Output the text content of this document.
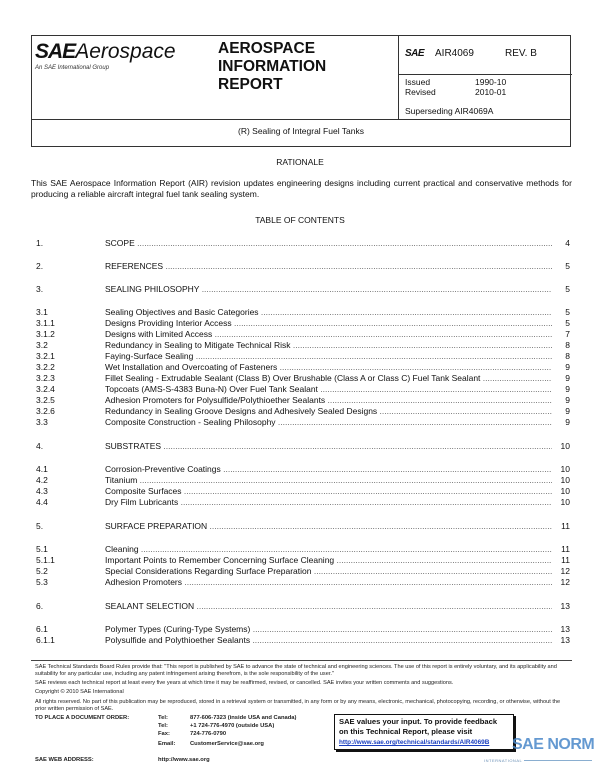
SAEAerospace
An SAE International Group
AEROSPACE
INFORMATION
REPORT
SAE AIR4069	REV. B
Issued	1990-10
Revised	2010-01
Superseding AIR4069A
(R) Sealing of Integral Fuel Tanks
RATIONALE
This SAE Aerospace Information Report (AIR) revision updates engineering designs including current practical and conservative methods for producing a reliable aircraft integral fuel tank sealing system.
TABLE OF CONTENTS
1.	SCOPE .....	4
2.	REFERENCES .....	5
3.	SEALING PHILOSOPHY .....	5
3.1	Sealing Objectives and Basic Categories .....	5
3.1.1	Designs Providing Interior Access .....	5
3.1.2	Designs with Limited Access .....	7
3.2	Redundancy in Sealing to Mitigate Technical Risk .....	8
3.2.1	Faying-Surface Sealing .....	8
3.2.2	Wet Installation and Overcoating of Fasteners .....	9
3.2.3	Fillet Sealing - Extrudable Sealant (Class B) Over Brushable (Class A or Class C) Fuel Tank Sealant .....	9
3.2.4	Topcoats (AMS-S-4383 Buna-N) Over Fuel Tank Sealant .....	9
3.2.5	Adhesion Promoters for Polysulfide/Polythioether Sealants .....	9
3.2.6	Redundancy in Sealing Groove Designs and Adhesively Sealed Designs .....	9
3.3	Composite Construction - Sealing Philosophy .....	9
4.	SUBSTRATES .....	10
4.1	Corrosion-Preventive Coatings .....	10
4.2	Titanium .....	10
4.3	Composite Surfaces .....	10
4.4	Dry Film Lubricants .....	10
5.	SURFACE PREPARATION .....	11
5.1	Cleaning .....	11
5.1.1	Important Points to Remember Concerning Surface Cleaning .....	11
5.2	Special Considerations Regarding Surface Preparation .....	12
5.3	Adhesion Promoters .....	12
6.	SEALANT SELECTION .....	13
6.1	Polymer Types (Curing-Type Systems) .....	13
6.1.1	Polysulfide and Polythioether Sealants .....	13
SAE Technical Standards Board Rules provide that: "This report is published by SAE to advance the state of technical and engineering sciences. The use of this report is entirely voluntary, and its applicability and suitability for any particular use, including any patent infringement arising therefrom, is the sole responsibility of the user."
SAE reviews each technical report at least every five years at which time it may be reaffirmed, revised, or cancelled. SAE invites your written comments and suggestions.
Copyright © 2010 SAE International
All rights reserved. No part of this publication may be reproduced, stored in a retrieval system or transmitted, in any form or by any means, electronic, mechanical, photocopying, recording, or otherwise, without the prior written permission of SAE.
TO PLACE A DOCUMENT ORDER:
SAE WEB ADDRESS:
Tel:	877-606-7323 (inside USA and Canada)
Tel:	+1 724-776-4970 (outside USA)
Fax:	724-776-0790
Email:	CustomerService@sae.org
http://www.sae.org
SAE values your input. To provide feedback
on this Technical Report, please visit
http://www.sae.org/technical/standards/AIR4069B	SAE NORM
INTERNATIONAL
